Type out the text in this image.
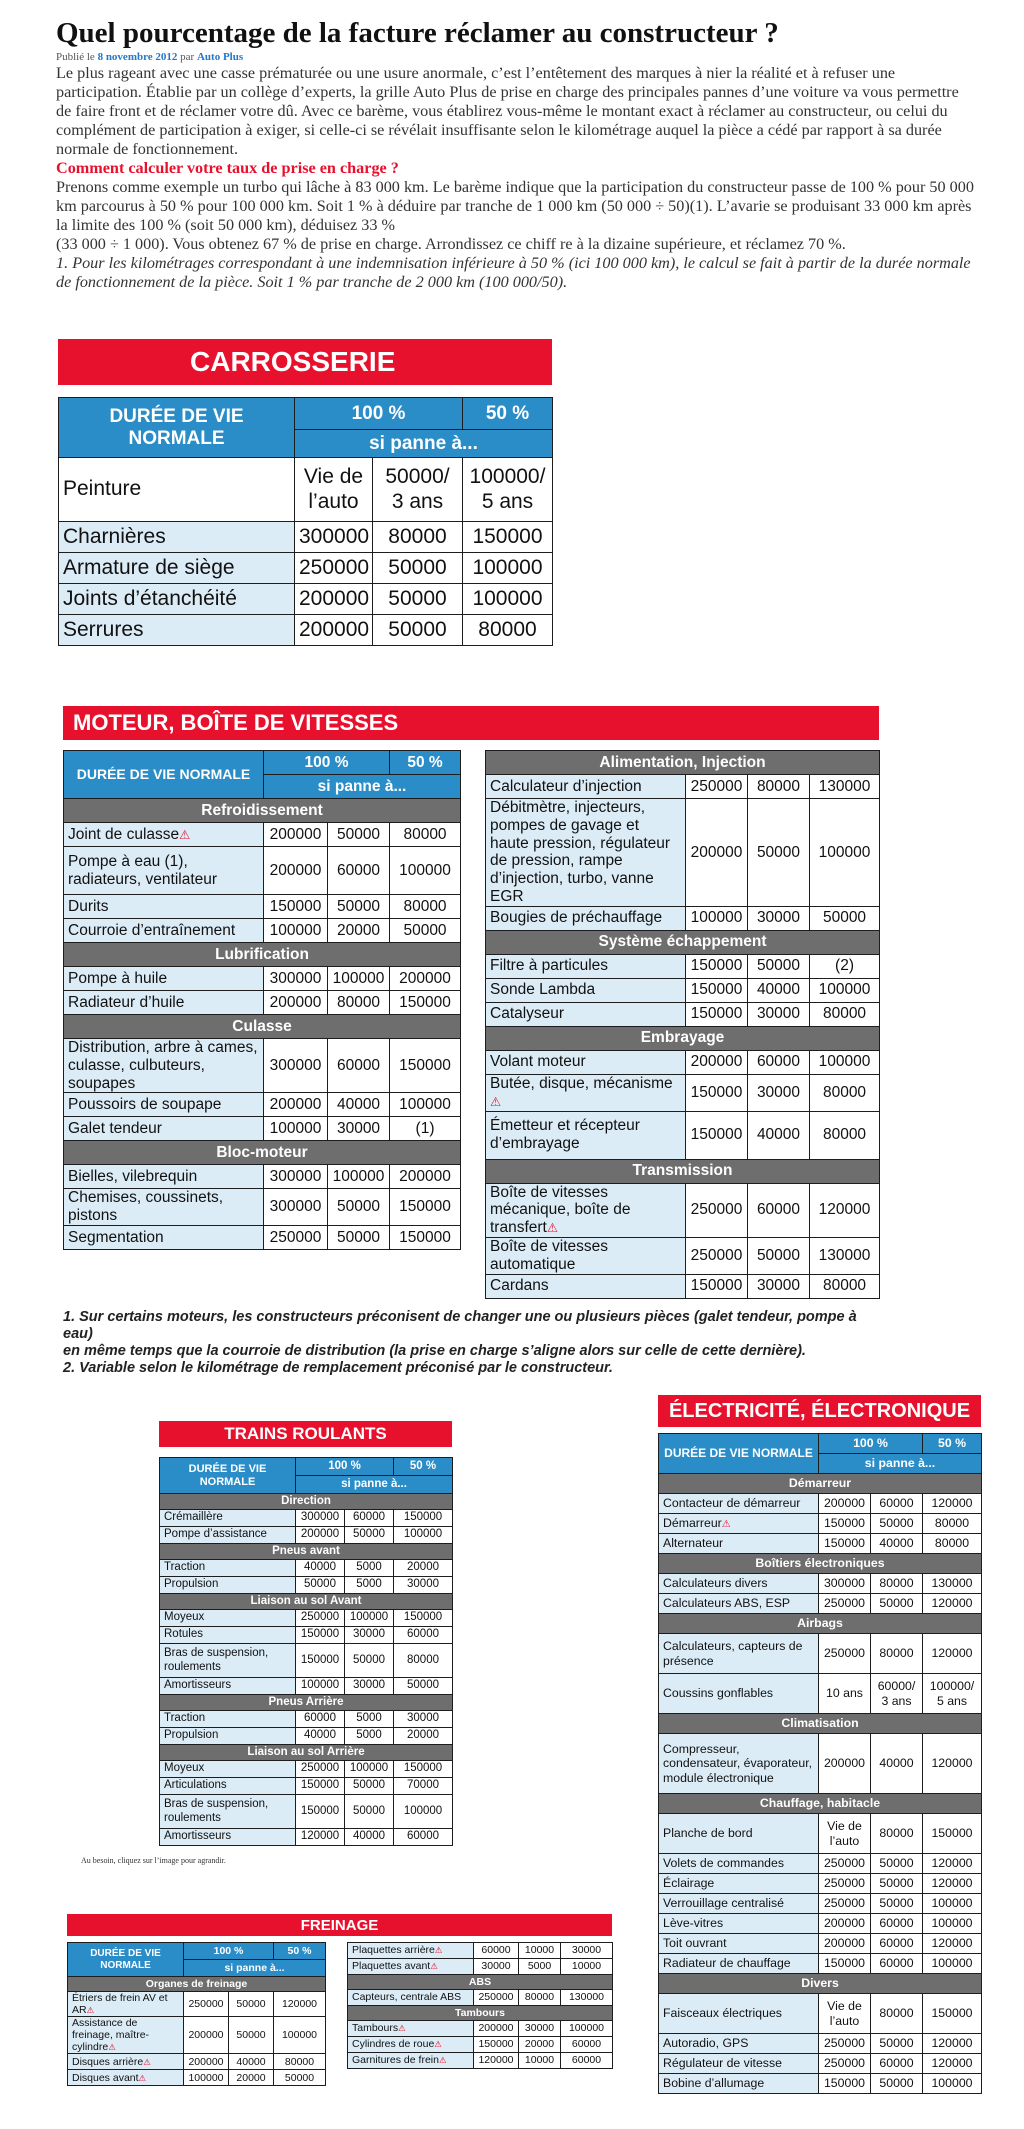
Quel pourcentage de la facture réclamer au constructeur ?
Publié le 8 novembre 2012 par Auto Plus

Le plus rageant avec une casse prématurée ou une usure anormale, c’est l’entêtement des marques à nier la réalité et à refuser une participation. Établie par un collège d’experts, la grille Auto Plus de prise en charge des principales pannes d’une voiture va vous permettre de faire front et de réclamer votre dû. Avec ce barème, vous établirez vous-même le montant exact à réclamer au constructeur, ou celui du complément de participation à exiger, si celle-ci se révélait insuffisante selon le kilométrage auquel la pièce a cédé par rapport à sa durée normale de fonctionnement.

Comment calculer votre taux de prise en charge ?

Prenons comme exemple un turbo qui lâche à 83 000 km. Le barème indique que la participation du constructeur passe de 100 % pour 50 000 km parcourus à 50 % pour 100 000 km. Soit 1 % à déduire par tranche de 1 000 km (50 000 ÷ 50)(1). L’avarie se produisant 33 000 km après la limite des 100 % (soit 50 000 km), déduisez 33 %

(33 000 ÷ 1 000). Vous obtenez 67 % de prise en charge. Arrondissez ce chiff re à la dizaine supérieure, et réclamez 70 %.

1. Pour les kilométrages correspondant à une indemnisation inférieure à 50 % (ici 100 000 km), le calcul se fait à partir de la durée normale de fonctionnement de la pièce. Soit 1 % par tranche de 2 000 km (100 000/50).

CARROSSERIE
DURÉE DE VIE NORMALE	100 %		50 %
	si panne à...		
Peinture	Vie de l’auto	50000/ 3 ans	100000/ 5 ans
Charnières	300000	80000	150000
Armature de siège	250000	50000	100000
Joints d’étanchéité	200000	50000	100000
Serrures	200000	50000	80000
MOTEUR, BOÎTE DE VITESSES
DURÉE DE VIE NORMALE	100 %		50 %
	si panne à...		
Refroidissement			
Joint de culasse⚠	200000	50000	80000
Pompe à eau (1), radiateurs, ventilateur	200000	60000	100000
Durits	150000	50000	80000
Courroie d’entraînement	100000	20000	50000
Lubrification			
Pompe à huile	300000	100000	200000
Radiateur d’huile	200000	80000	150000
Culasse			
Distribution, arbre à cames, culasse, culbuteurs, soupapes	300000	60000	150000
Poussoirs de soupape	200000	40000	100000
Galet tendeur	100000	30000	(1)
Bloc-moteur			
Bielles, vilebrequin	300000	100000	200000
Chemises, coussinets, pistons	300000	50000	150000
Segmentation	250000	50000	150000
Alimentation, Injection			
Calculateur d’injection	250000	80000	130000
Débitmètre, injecteurs, pompes de gavage et haute pression, régulateur de pression, rampe d’injection, turbo, vanne EGR	200000	50000	100000
Bougies de préchauffage	100000	30000	50000
Système échappement			
Filtre à particules	150000	50000	(2)
Sonde Lambda	150000	40000	100000
Catalyseur	150000	30000	80000
Embrayage			
Volant moteur	200000	60000	100000
Butée, disque, mécanisme⚠	150000	30000	80000
Émetteur et récepteur d’embrayage	150000	40000	80000
Transmission			
Boîte de vitesses mécanique, boîte de transfert⚠	250000	60000	120000
Boîte de vitesses automatique	250000	50000	130000
Cardans	150000	30000	80000

1. Sur certains moteurs, les constructeurs préconisent de changer une ou plusieurs pièces (galet tendeur, pompe à eau)

en même temps que la courroie de distribution (la prise en charge s’aligne alors sur celle de cette dernière).

2. Variable selon le kilométrage de remplacement préconisé par le constructeur.

TRAINS ROULANTS
DURÉE DE VIE NORMALE	100 %		50 %
	si panne à...		
Direction			
Crémaillère	300000	60000	150000
Pompe d’assistance	200000	50000	100000
Pneus avant			
Traction	40000	5000	20000
Propulsion	50000	5000	30000
Liaison au sol Avant			
Moyeux	250000	100000	150000
Rotules	150000	30000	60000
Bras de suspension, roulements	150000	50000	80000
Amortisseurs	100000	30000	50000
Pneus Arrière			
Traction	60000	5000	30000
Propulsion	40000	5000	20000
Liaison au sol Arrière			
Moyeux	250000	100000	150000
Articulations	150000	50000	70000
Bras de suspension, roulements	150000	50000	100000
Amortisseurs	120000	40000	60000

Au besoin, cliquez sur l’image pour agrandir.

ÉLECTRICITÉ, ÉLECTRONIQUE
DURÉE DE VIE NORMALE	100 %		50 %
	si panne à...		
Démarreur			
Contacteur de démarreur	200000	60000	120000
Démarreur⚠	150000	50000	80000
Alternateur	150000	40000	80000
Boîtiers électroniques			
Calculateurs divers	300000	80000	130000
Calculateurs ABS, ESP	250000	50000	120000
Airbags			
Calculateurs, capteurs de présence	250000	80000	120000
Coussins gonflables	10 ans	60000/ 3 ans	100000/ 5 ans
Climatisation			
Compresseur, condensateur, évaporateur, module électronique	200000	40000	120000
Chauffage, habitacle			
Planche de bord	Vie de l’auto	80000	150000
Volets de commandes	250000	50000	120000
Éclairage	250000	50000	120000
Verrouillage centralisé	250000	50000	100000
Lève-vitres	200000	60000	100000
Toit ouvrant	200000	60000	120000
Radiateur de chauffage	150000	60000	100000
Divers			
Faisceaux électriques	Vie de l’auto	80000	150000
Autoradio, GPS	250000	50000	120000
Régulateur de vitesse	250000	60000	120000
Bobine d’allumage	150000	50000	100000
FREINAGE
DURÉE DE VIE NORMALE	100 %		50 %
	si panne à...		
Organes de freinage			
Étriers de frein AV et AR⚠	250000	50000	120000
Assistance de freinage, maître-cylindre⚠	200000	50000	100000
Disques arrière⚠	200000	40000	80000
Disques avant⚠	100000	20000	50000
Plaquettes arrière⚠	60000	10000	30000
Plaquettes avant⚠	30000	5000	10000
ABS			
Capteurs, centrale ABS	250000	80000	130000
Tambours			
Tambours⚠	200000	30000	100000
Cylindres de roue⚠	150000	20000	60000
Garnitures de frein⚠	120000	10000	60000
